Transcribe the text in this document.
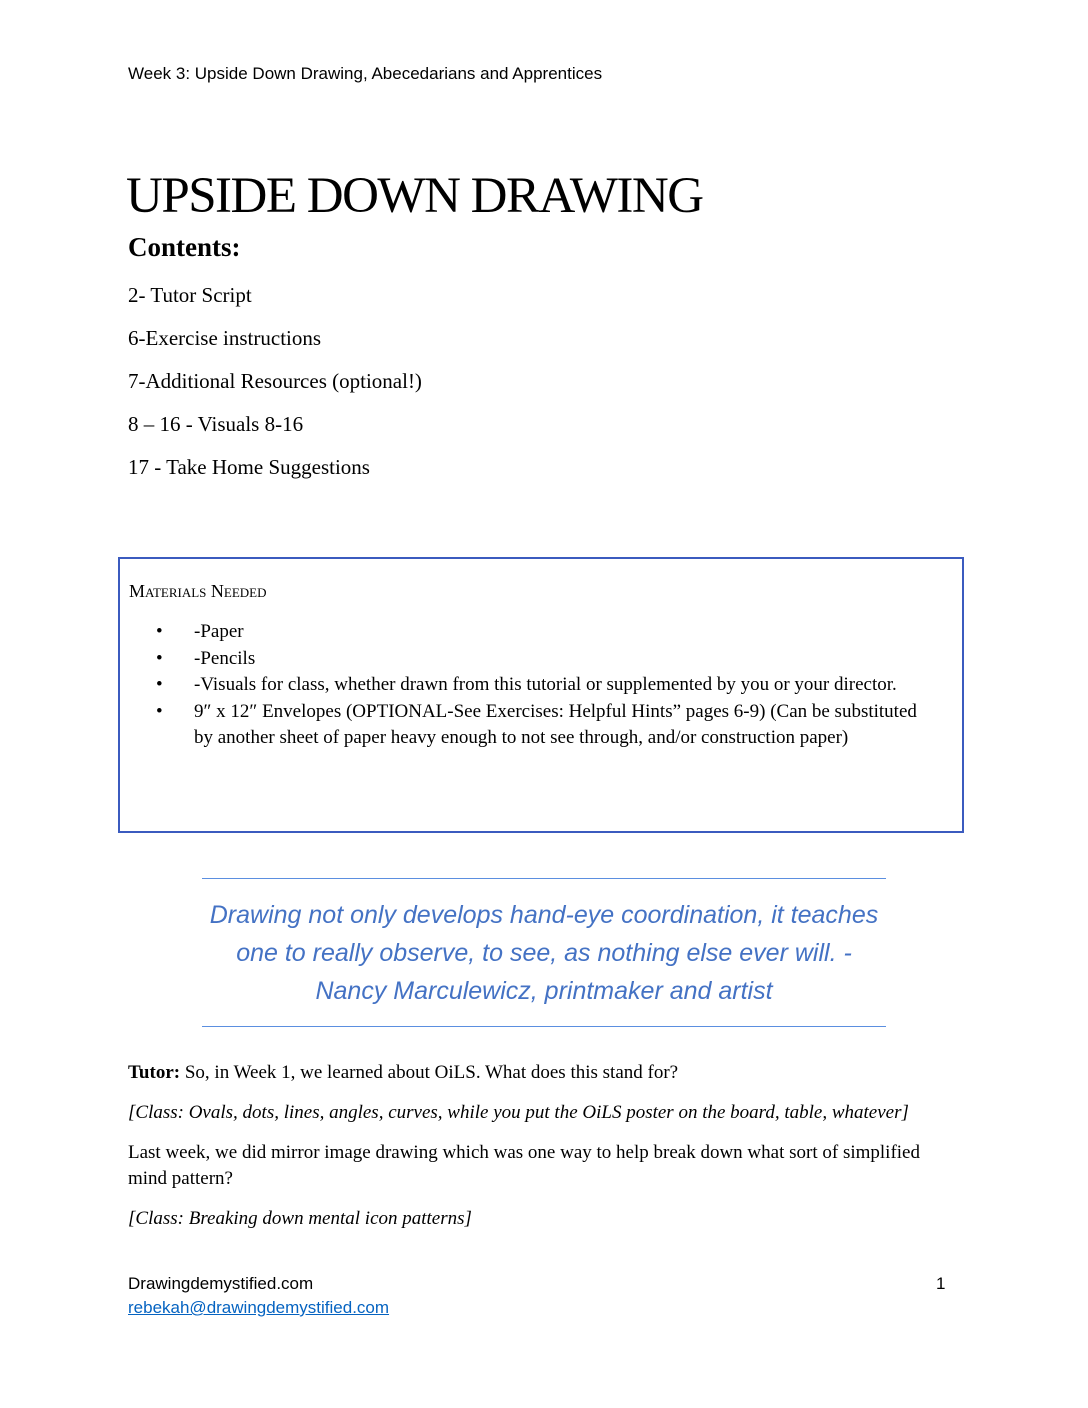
Week 3: Upside Down Drawing, Abecedarians and Apprentices
UPSIDE DOWN DRAWING
Contents:
2- Tutor Script
6-Exercise instructions
7-Additional Resources (optional!)
8 – 16 - Visuals 8-16
17 - Take Home Suggestions
Materials Needed
• -Paper
• -Pencils
• -Visuals for class, whether drawn from this tutorial or supplemented by you or your director.
• 9″ x 12″ Envelopes (OPTIONAL-See Exercises: Helpful Hints” pages 6-9) (Can be substituted by another sheet of paper heavy enough to not see through, and/or construction paper)
Drawing not only develops hand-eye coordination, it teaches one to really observe, to see, as nothing else ever will. -Nancy Marculewicz, printmaker and artist

Tutor: So, in Week 1, we learned about OiLS. What does this stand for?

[Class: Ovals, dots, lines, angles, curves, while you put the OiLS poster on the board, table, whatever]

Last week, we did mirror image drawing which was one way to help break down what sort of simplified mind pattern?

[Class: Breaking down mental icon patterns]

Drawingdemystified.com
rebekah@drawingdemystified.com
1
